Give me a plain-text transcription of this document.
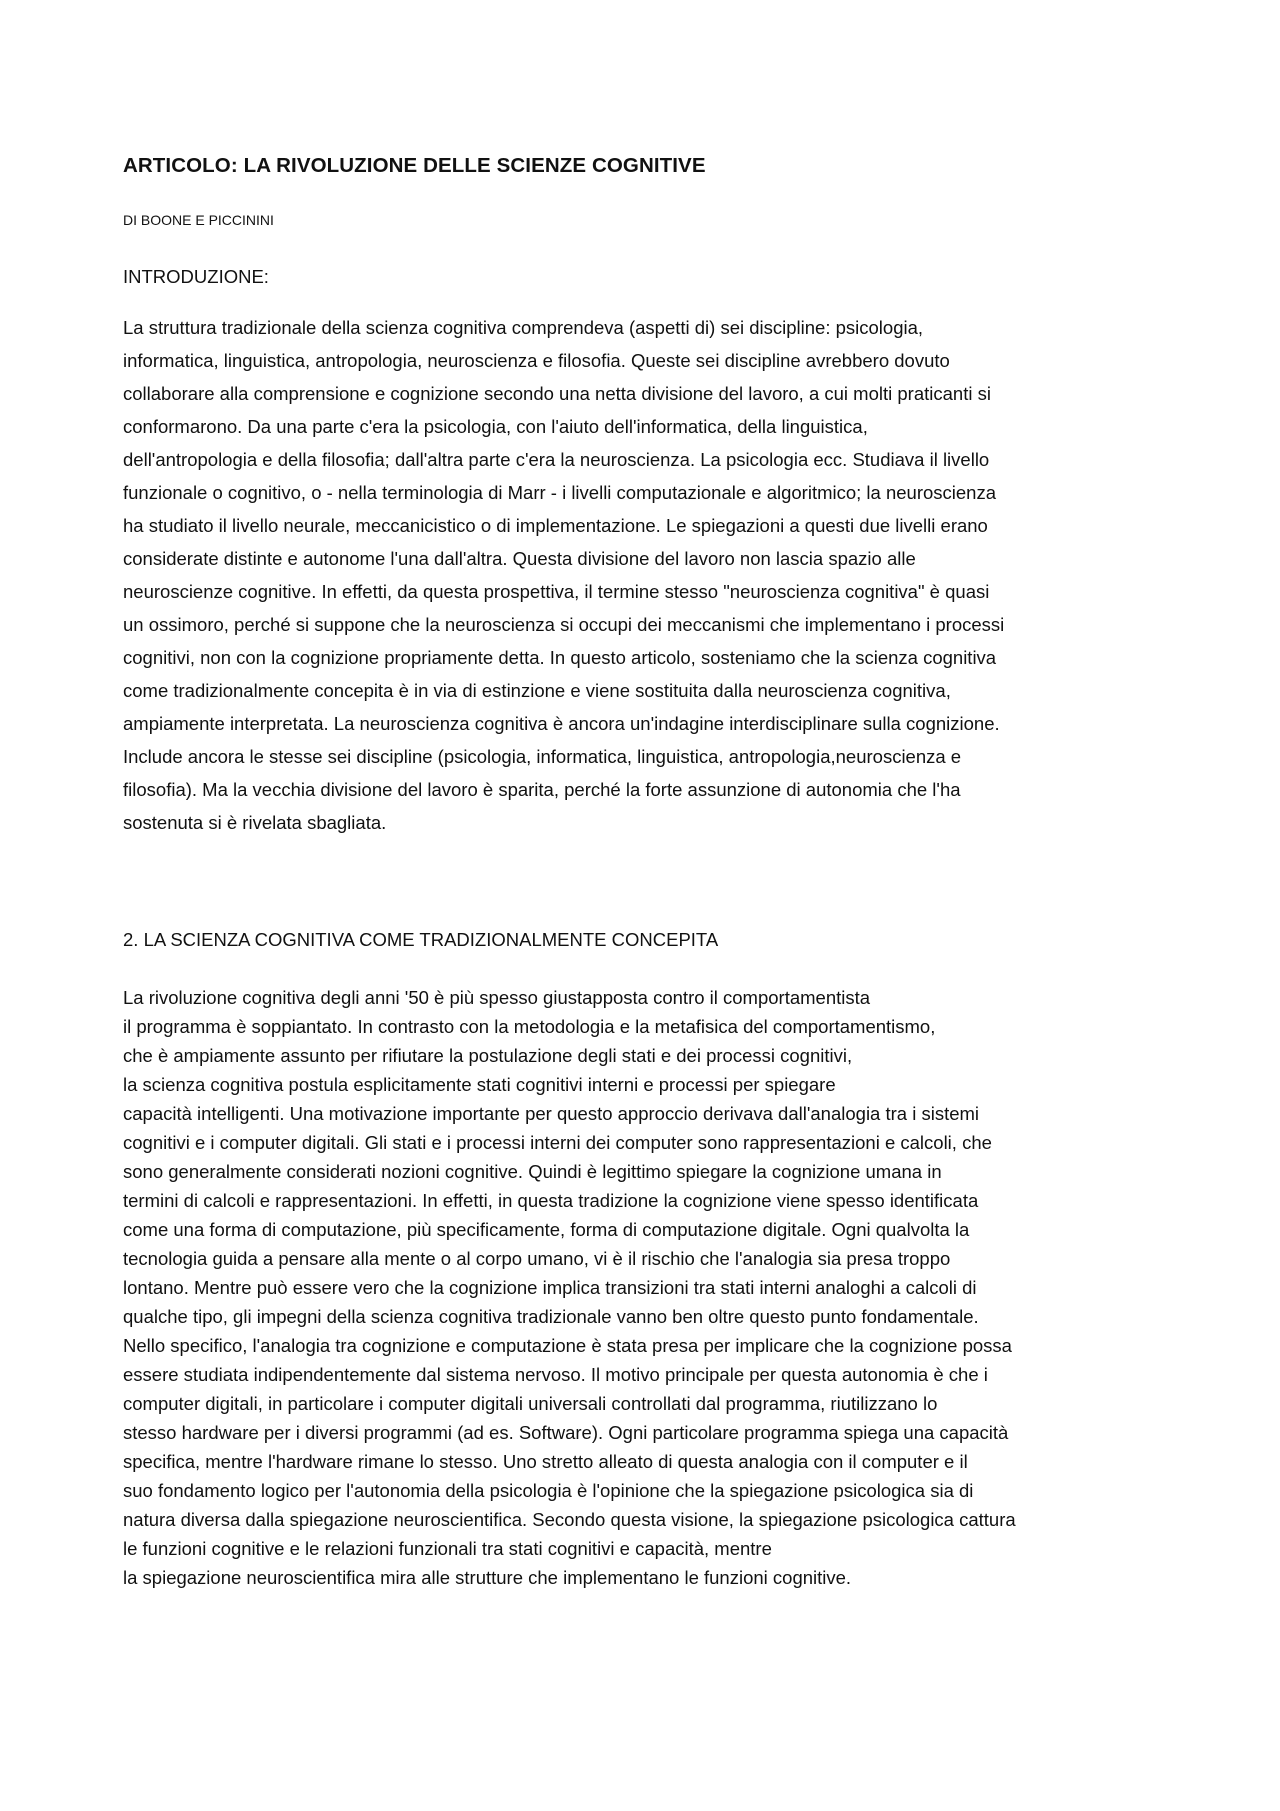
ARTICOLO: LA RIVOLUZIONE DELLE SCIENZE COGNITIVE
DI BOONE E PICCININI
INTRODUZIONE:
La struttura tradizionale della scienza cognitiva comprendeva (aspetti di) sei discipline: psicologia,
informatica, linguistica, antropologia, neuroscienza e filosofia. Queste sei discipline avrebbero dovuto
collaborare alla comprensione e cognizione secondo una netta divisione del lavoro, a cui molti praticanti si
conformarono. Da una parte c'era la psicologia, con l'aiuto dell'informatica, della linguistica,
dell'antropologia e della filosofia; dall'altra parte c'era la neuroscienza. La psicologia ecc. Studiava il livello
funzionale o cognitivo, o - nella terminologia di Marr - i livelli computazionale e algoritmico; la neuroscienza
ha studiato il livello neurale, meccanicistico o di implementazione. Le spiegazioni a questi due livelli erano
considerate distinte e autonome l'una dall'altra. Questa divisione del lavoro non lascia spazio alle
neuroscienze cognitive. In effetti, da questa prospettiva, il termine stesso "neuroscienza cognitiva" è quasi
un ossimoro, perché si suppone che la neuroscienza si occupi dei meccanismi che implementano i processi
cognitivi, non con la cognizione propriamente detta. In questo articolo, sosteniamo che la scienza cognitiva
come tradizionalmente concepita è in via di estinzione e viene sostituita dalla neuroscienza cognitiva,
ampiamente interpretata. La neuroscienza cognitiva è ancora un'indagine interdisciplinare sulla cognizione.
Include ancora le stesse sei discipline (psicologia, informatica, linguistica, antropologia,neuroscienza e
filosofia). Ma la vecchia divisione del lavoro è sparita, perché la forte assunzione di autonomia che l'ha
sostenuta si è rivelata sbagliata.
2. LA SCIENZA COGNITIVA COME TRADIZIONALMENTE CONCEPITA
La rivoluzione cognitiva degli anni '50 è più spesso giustapposta contro il comportamentista
il programma è soppiantato. In contrasto con la metodologia e la metafisica del comportamentismo,
che è ampiamente assunto per rifiutare la postulazione degli stati e dei processi cognitivi,
la scienza cognitiva postula esplicitamente stati cognitivi interni e processi per spiegare
capacità intelligenti. Una motivazione importante per questo approccio derivava dall'analogia tra i sistemi
cognitivi e i computer digitali. Gli stati e i processi interni dei computer sono rappresentazioni e calcoli, che
sono generalmente considerati nozioni cognitive. Quindi è legittimo spiegare la cognizione umana in
termini di calcoli e rappresentazioni. In effetti, in questa tradizione la cognizione viene spesso identificata
come una forma di computazione, più specificamente, forma di computazione digitale. Ogni qualvolta la
tecnologia guida a pensare alla mente o al corpo umano, vi è il rischio che l'analogia sia presa troppo
lontano. Mentre può essere vero che la cognizione implica transizioni tra stati interni analoghi a calcoli di
qualche tipo, gli impegni della scienza cognitiva tradizionale vanno ben oltre questo punto fondamentale.
Nello specifico, l'analogia tra cognizione e computazione è stata presa per implicare che la cognizione possa
essere studiata indipendentemente dal sistema nervoso. Il motivo principale per questa autonomia è che i
computer digitali, in particolare i computer digitali universali controllati dal programma, riutilizzano lo
stesso hardware per i diversi programmi (ad es. Software). Ogni particolare programma spiega una capacità
specifica, mentre l'hardware rimane lo stesso. Uno stretto alleato di questa analogia con il computer e il
suo fondamento logico per l'autonomia della psicologia è l'opinione che la spiegazione psicologica sia di
natura diversa dalla spiegazione neuroscientifica. Secondo questa visione, la spiegazione psicologica cattura
le funzioni cognitive e le relazioni funzionali tra stati cognitivi e capacità, mentre
la spiegazione neuroscientifica mira alle strutture che implementano le funzioni cognitive.
